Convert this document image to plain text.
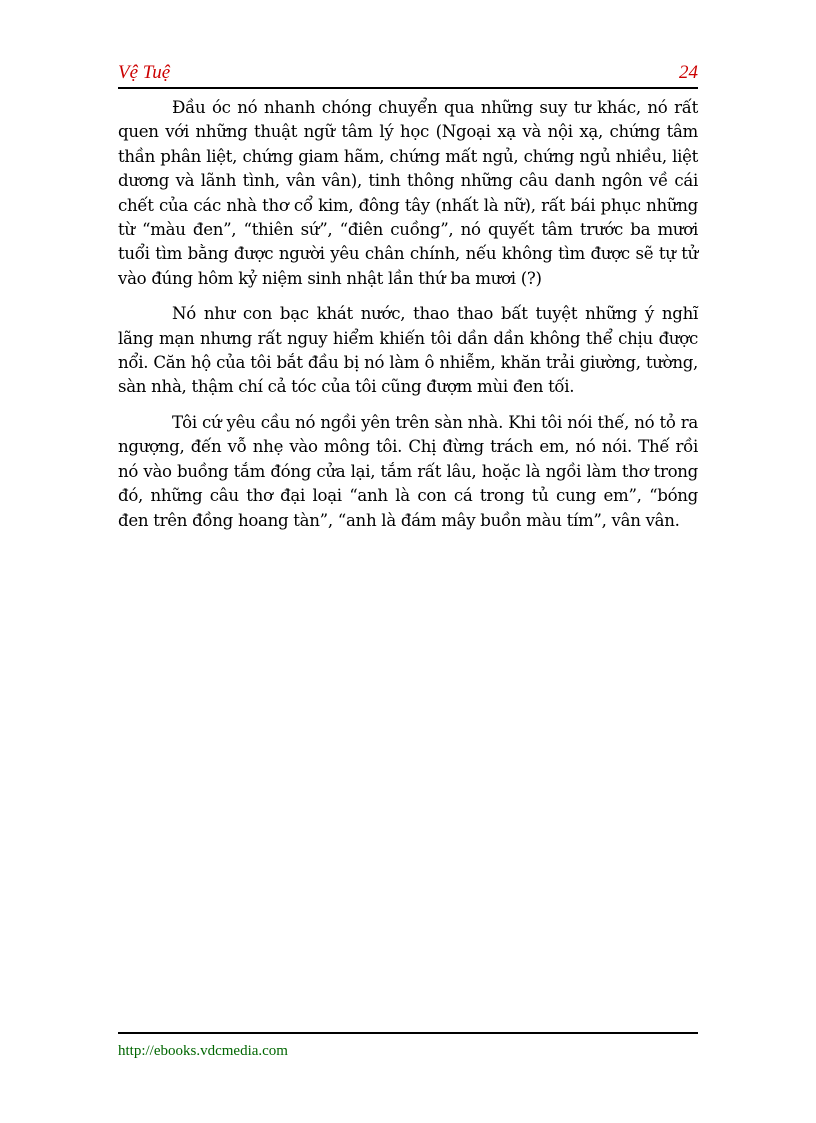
Vệ Tuệ	24

Đầu óc nó nhanh chóng chuyển qua những suy tư khác, nó rất quen với những thuật ngữ tâm lý học (Ngoại xạ và nội xạ, chứng tâm thần phân liệt, chứng giam hãm, chứng mất ngủ, chứng ngủ nhiều, liệt dương và lãnh tình, vân vân), tinh thông những câu danh ngôn về cái chết của các nhà thơ cổ kim, đông tây (nhất là nữ), rất bái phục những từ “màu đen”, “thiên sứ”, “điên cuồng”, nó quyết tâm trước ba mươi tuổi tìm bằng được người yêu chân chính, nếu không tìm được sẽ tự tử vào đúng hôm kỷ niệm sinh nhật lần thứ ba mươi (?)

Nó như con bạc khát nước, thao thao bất tuyệt những ý nghĩ lãng mạn nhưng rất nguy hiểm khiến tôi dần dần không thể chịu được nổi. Căn hộ của tôi bắt đầu bị nó làm ô nhiễm, khăn trải giường, tường, sàn nhà, thậm chí cả tóc của tôi cũng đượm mùi đen tối.

Tôi cứ yêu cầu nó ngồi yên trên sàn nhà. Khi tôi nói thế, nó tỏ ra ngượng, đến vỗ nhẹ vào mông tôi. Chị đừng trách em, nó nói. Thế rồi nó vào buồng tắm đóng cửa lại, tắm rất lâu, hoặc là ngồi làm thơ trong đó, những câu thơ đại loại “anh là con cá trong tủ cung em”, “bóng đen trên đồng hoang tàn”, “anh là đám mây buồn màu tím”, vân vân.

http://ebooks.vdcmedia.com
